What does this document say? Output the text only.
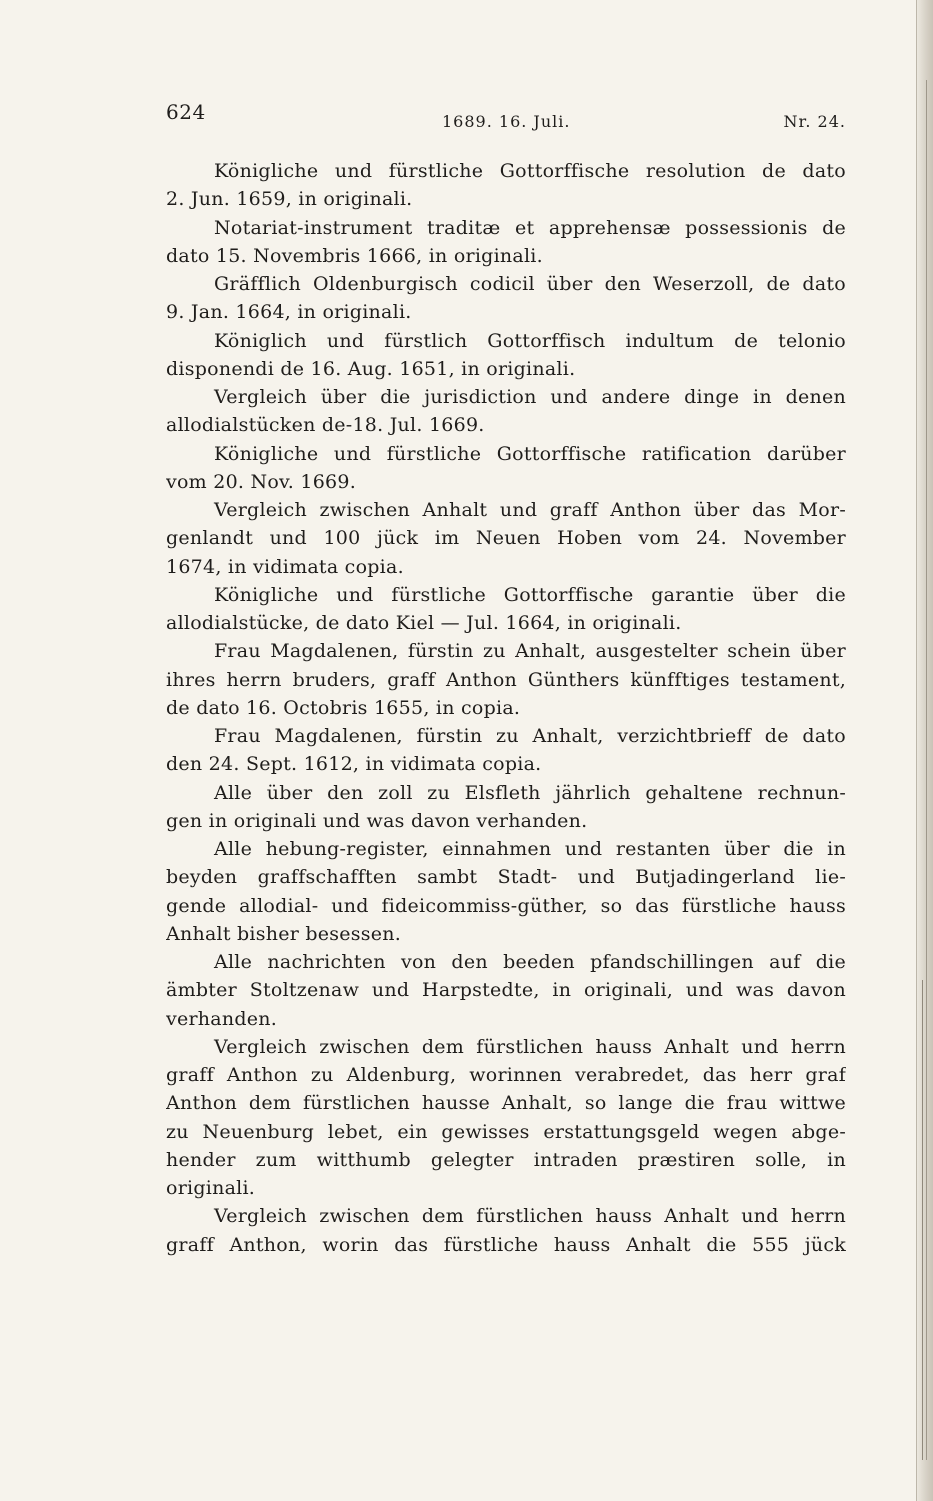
624	1689. 16. Juli.	Nr. 24.
Königliche und fürstliche Gottorffische resolution de dato
2. Jun. 1659, in originali.
Notariat-instrument traditæ et apprehensæ possessionis de
dato 15. Novembris 1666, in originali.
Gräfflich Oldenburgisch codicil über den Weserzoll, de dato
9. Jan. 1664, in originali.
Königlich und fürstlich Gottorffisch indultum de telonio
disponendi de 16. Aug. 1651, in originali.
Vergleich über die jurisdiction und andere dinge in denen
allodialstücken de-18. Jul. 1669.
Königliche und fürstliche Gottorffische ratification darüber
vom 20. Nov. 1669.
Vergleich zwischen Anhalt und graff Anthon über das Mor-
genlandt und 100 jück im Neuen Hoben vom 24. November
1674, in vidimata copia.
Königliche und fürstliche Gottorffische garantie über die
allodialstücke, de dato Kiel — Jul. 1664, in originali.
Frau Magdalenen, fürstin zu Anhalt, ausgestelter schein über
ihres herrn bruders, graff Anthon Günthers künfftiges testament,
de dato 16. Octobris 1655, in copia.
Frau Magdalenen, fürstin zu Anhalt, verzichtbrieff de dato
den 24. Sept. 1612, in vidimata copia.
Alle über den zoll zu Elsfleth jährlich gehaltene rechnun-
gen in originali und was davon verhanden.
Alle hebung-register, einnahmen und restanten über die in
beyden graffschafften sambt Stadt- und Butjadingerland lie-
gende allodial- und fideicommiss-güther, so das fürstliche hauss
Anhalt bisher besessen.
Alle nachrichten von den beeden pfandschillingen auf die
ämbter Stoltzenaw und Harpstedte, in originali, und was davon
verhanden.
Vergleich zwischen dem fürstlichen hauss Anhalt und herrn
graff Anthon zu Aldenburg, worinnen verabredet, das herr graf
Anthon dem fürstlichen hausse Anhalt, so lange die frau wittwe
zu Neuenburg lebet, ein gewisses erstattungsgeld wegen abge-
hender zum witthumb gelegter intraden præstiren solle, in
originali.
Vergleich zwischen dem fürstlichen hauss Anhalt und herrn
graff Anthon, worin das fürstliche hauss Anhalt die 555 jück
